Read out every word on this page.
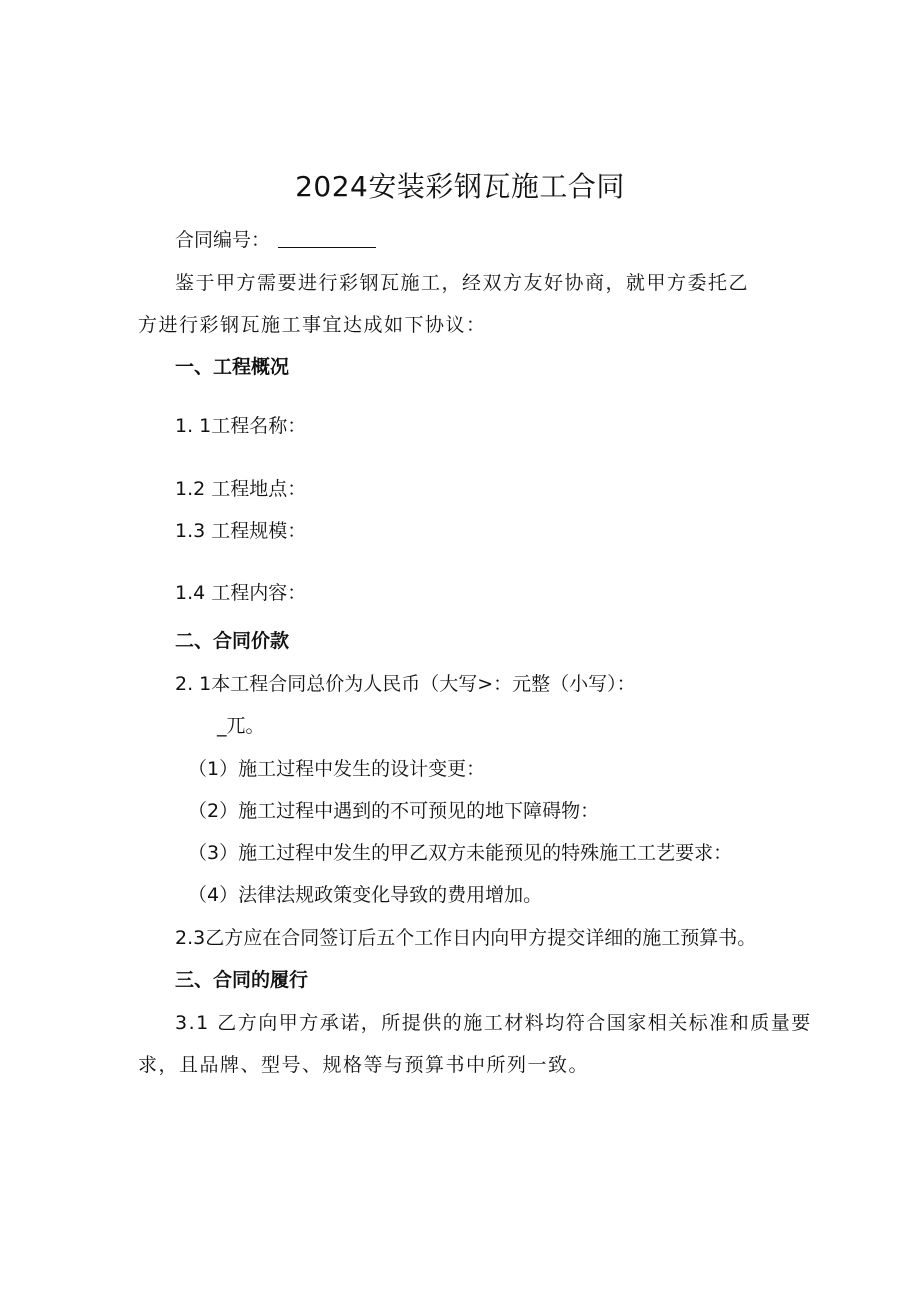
2024安装彩钢瓦施工合同
合同编号：
鉴于甲方需要进行彩钢瓦施工，经双方友好协商，就甲方委托乙
方进行彩钢瓦施工事宜达成如下协议：
一、工程概况
1. 1工程名称：
1.2 工程地点：
1.3 工程规模：
1.4 工程内容：
二、合同价款
2. 1本工程合同总价为人民币（大写>：元整（小写）：
_兀。
（1）施工过程中发生的设计变更：
（2）施工过程中遇到的不可预见的地下障碍物：
（3）施工过程中发生的甲乙双方未能预见的特殊施工工艺要求：
（4）法律法规政策变化导致的费用增加。
2.3乙方应在合同签订后五个工作日内向甲方提交详细的施工预算书。
三、合同的履行
3.1 乙方向甲方承诺，所提供的施工材料均符合国家相关标准和质量要
求，且品牌、型号、规格等与预算书中所列一致。
